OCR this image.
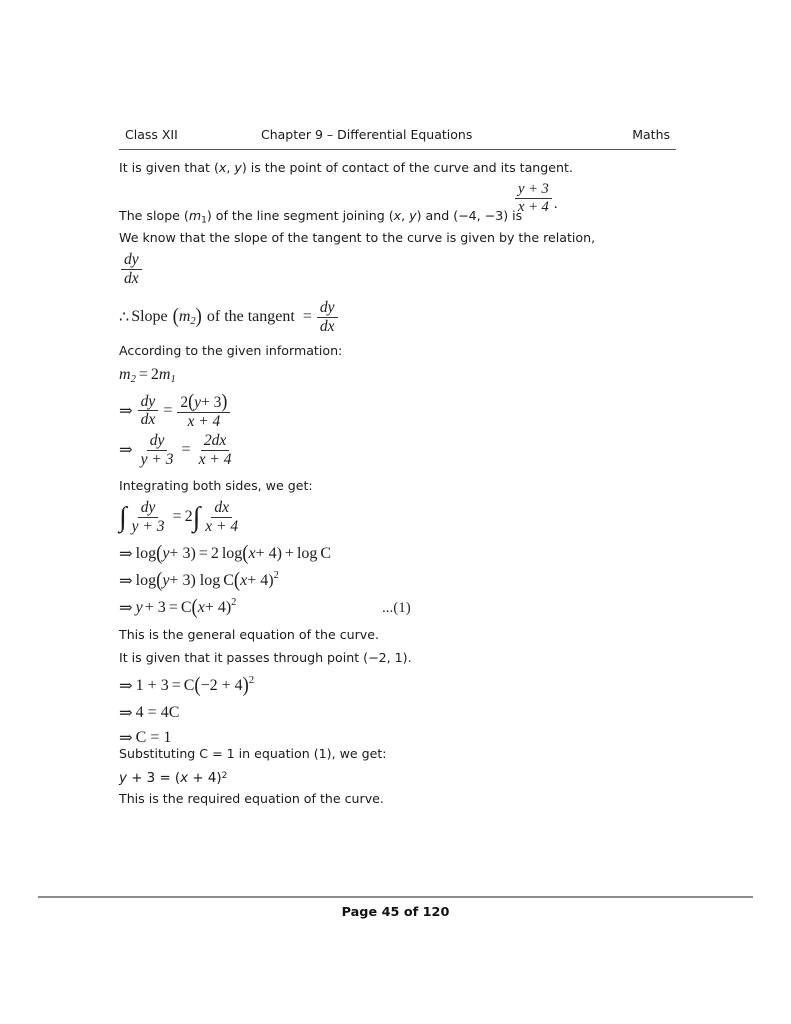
Class XII	Chapter 9 – Differential Equations	Maths
It is given that (x, y) is the point of contact of the curve and its tangent.
The slope $(m_1)$ of the line segment joining (x, y) and (−4, −3) is
$\frac{y + 3}{x + 4}$ .
We know that the slope of the tangent to the curve is given by the relation,
$\frac{dy}{dx}$
∴ Slope ( m 2 ) of the tangent = $\frac{dy}{dx}$
According to the given information:
m 2 = 2 m 1
⇒ $\frac{dy}{dx} = \frac{2(y+ 3)}{x + 4}$
⇒ $\frac{dy}{y + 3} = \frac{2dx}{x + 4}$
Integrating both sides, we get:
∫ $\frac{dy}{y + 3} = 2$ ∫ $\frac{dx}{x + 4}$
⇒ log ( y + 3) = 2 log ( x + 4) + log C
⇒ log ( y + 3) log C ( x + 4) 2
⇒ y + 3 = C ( x + 4) 2	...(1)
This is the general equation of the curve.
It is given that it passes through point (−2, 1).
⇒ 1 + 3 = C ( −2 + 4 ) 2
⇒ 4 = 4C
⇒ C = 1
Substituting C = 1 in equation (1), we get:
$y + 3 = (x + 4)^2$
This is the required equation of the curve.
Page 45 of 120
